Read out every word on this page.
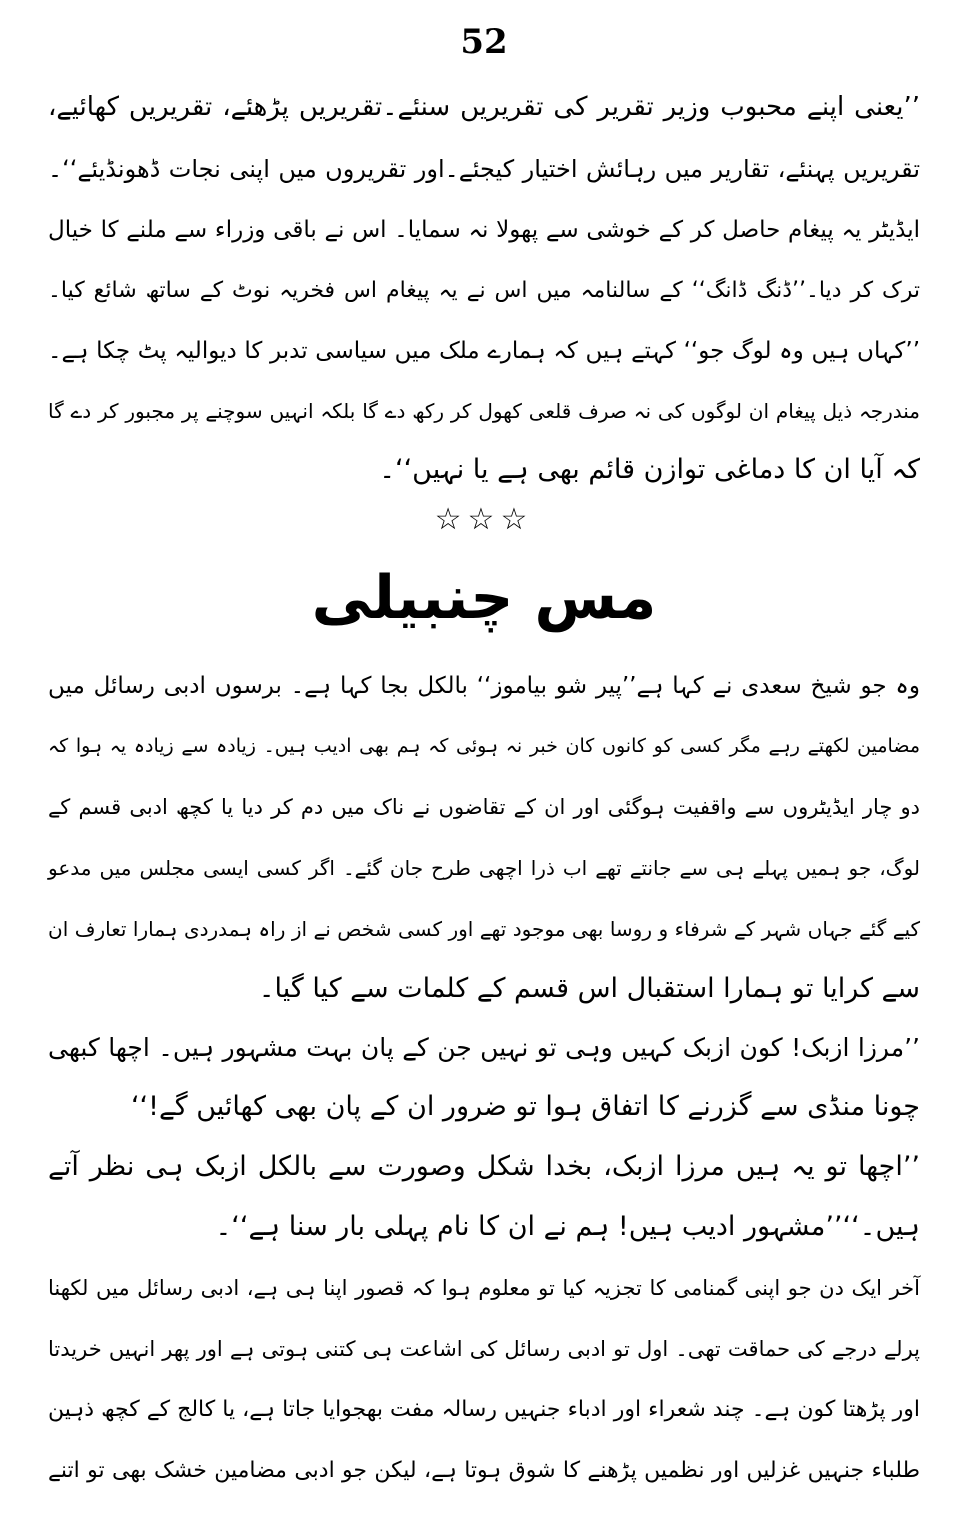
52
’’یعنی اپنے محبوب وزیر تقریر کی تقریریں سنئے۔تقریریں پڑھئے، تقریریں کھائیے،
تقریریں پہنئے، تقاریر میں رہائش اختیار کیجئے۔اور تقریروں میں اپنی نجات ڈھونڈیئے‘‘۔
ایڈیٹر یہ پیغام حاصل کر کے خوشی سے پھولا نہ سمایا۔ اس نے باقی وزراء سے ملنے کا خیال
ترک کر دیا۔’’ڈنگ ڈانگ‘‘ کے سالنامہ میں اس نے یہ پیغام اس فخریہ نوٹ کے ساتھ شائع کیا۔
’’کہاں ہیں وہ لوگ جو‘‘ کہتے ہیں کہ ہمارے ملک میں سیاسی تدبر کا دیوالیہ پٹ چکا ہے۔
مندرجہ ذیل پیغام ان لوگوں کی نہ صرف قلعی کھول کر رکھ دے گا بلکہ انہیں سوچنے پر مجبور کر دے گا
کہ آیا ان کا دماغی توازن قائم بھی ہے یا نہیں‘‘۔
☆☆☆
مس چنبیلی
وہ جو شیخ سعدی نے کہا ہے’’پیر شو بیاموز‘‘ بالکل بجا کہا ہے۔ برسوں ادبی رسائل میں
مضامین لکھتے رہے مگر کسی کو کانوں کان خبر نہ ہوئی کہ ہم بھی ادیب ہیں۔ زیادہ سے زیادہ یہ ہوا کہ
دو چار ایڈیٹروں سے واقفیت ہوگئی اور ان کے تقاضوں نے ناک میں دم کر دیا یا کچھ ادبی قسم کے
لوگ، جو ہمیں پہلے ہی سے جانتے تھے اب ذرا اچھی طرح جان گئے۔ اگر کسی ایسی مجلس میں مدعو
کیے گئے جہاں شہر کے شرفاء و روسا بھی موجود تھے اور کسی شخص نے از راہ ہمدردی ہمارا تعارف ان
سے کرایا تو ہمارا استقبال اس قسم کے کلمات سے کیا گیا۔
’’مرزا ازبک! کون ازبک کہیں وہی تو نہیں جن کے پان بہت مشہور ہیں۔ اچھا کبھی
چونا منڈی سے گزرنے کا اتفاق ہوا تو ضرور ان کے پان بھی کھائیں گے!‘‘
’’اچھا تو یہ ہیں مرزا ازبک، بخدا شکل وصورت سے بالکل ازبک ہی نظر آتے
ہیں۔‘‘’’مشہور ادیب ہیں! ہم نے ان کا نام پہلی بار سنا ہے‘‘۔
آخر ایک دن جو اپنی گمنامی کا تجزیہ کیا تو معلوم ہوا کہ قصور اپنا ہی ہے، ادبی رسائل میں لکھنا
پرلے درجے کی حماقت تھی۔ اول تو ادبی رسائل کی اشاعت ہی کتنی ہوتی ہے اور پھر انہیں خریدتا
اور پڑھتا کون ہے۔ چند شعراء اور ادباء جنہیں رسالہ مفت بھجوایا جاتا ہے، یا کالج کے کچھ ذہین
طلباء جنہیں غزلیں اور نظمیں پڑھنے کا شوق ہوتا ہے، لیکن جو ادبی مضامین خشک بھی تو اتنے
